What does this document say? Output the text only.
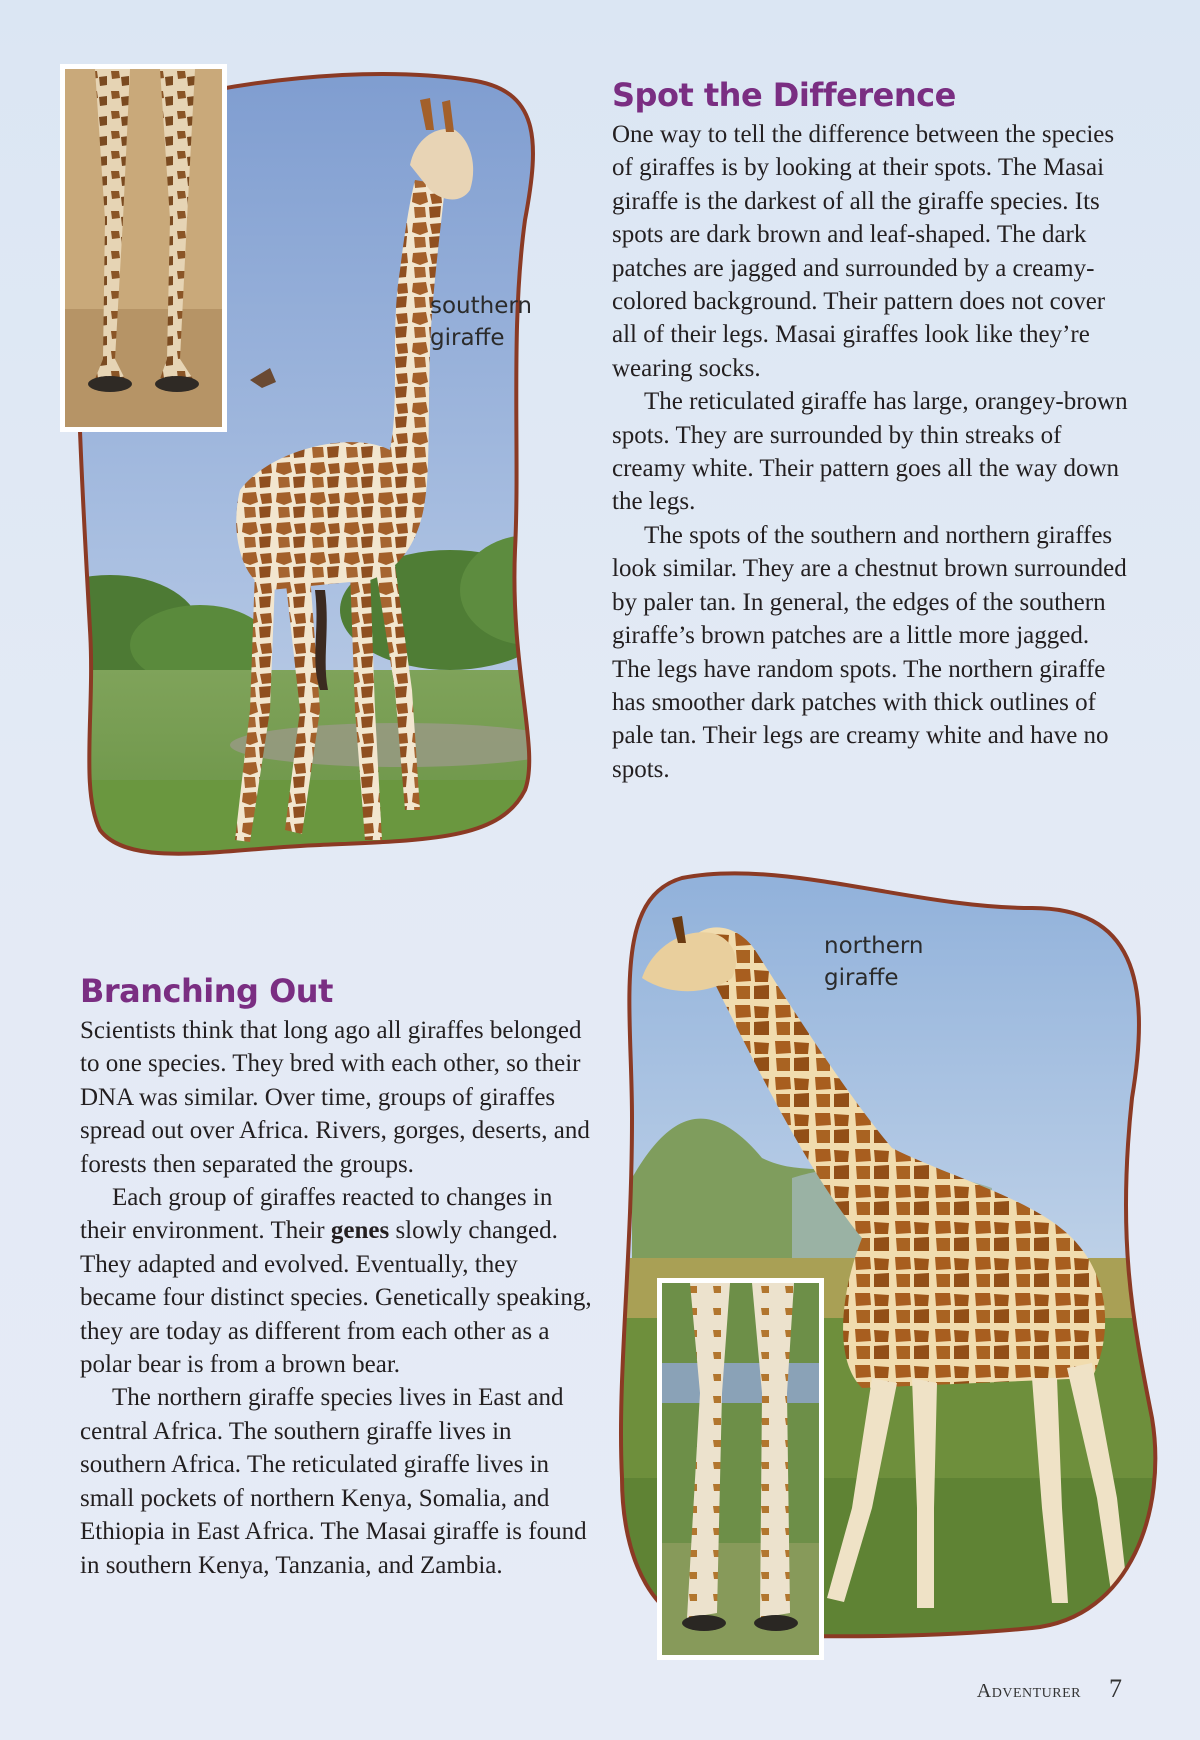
southern
giraffe
Spot the Difference

One way to tell the difference between the species of giraffes is by looking at their spots. The Masai giraffe is the darkest of all the giraffe species. Its spots are dark brown and leaf-shaped. The dark patches are jagged and surrounded by a creamy-colored background. Their pattern does not cover all of their legs. Masai giraffes look like they’re wearing socks.

The reticulated giraffe has large, orangey-brown spots. They are surrounded by thin streaks of creamy white. Their pattern goes all the way down the legs.

The spots of the southern and northern giraffes look similar. They are a chestnut brown surrounded by paler tan. In general, the edges of the southern giraffe’s brown patches are a little more jagged. The legs have random spots. The northern giraffe has smoother dark patches with thick outlines of pale tan. Their legs are creamy white and have no spots.

Branching Out

Scientists think that long ago all giraffes belonged to one species. They bred with each other, so their DNA was similar. Over time, groups of giraffes spread out over Africa. Rivers, gorges, deserts, and forests then separated the groups.

Each group of giraffes reacted to changes in their environment. Their genes slowly changed. They adapted and evolved. Eventually, they became four distinct species. Genetically speaking, they are today as different from each other as a polar bear is from a brown bear.

The northern giraffe species lives in East and central Africa. The southern giraffe lives in southern Africa. The reticulated giraffe lives in small pockets of northern Kenya, Somalia, and Ethiopia in East Africa. The Masai giraffe is found in southern Kenya, Tanzania, and Zambia.

northern
giraffe
Adventurer 7
